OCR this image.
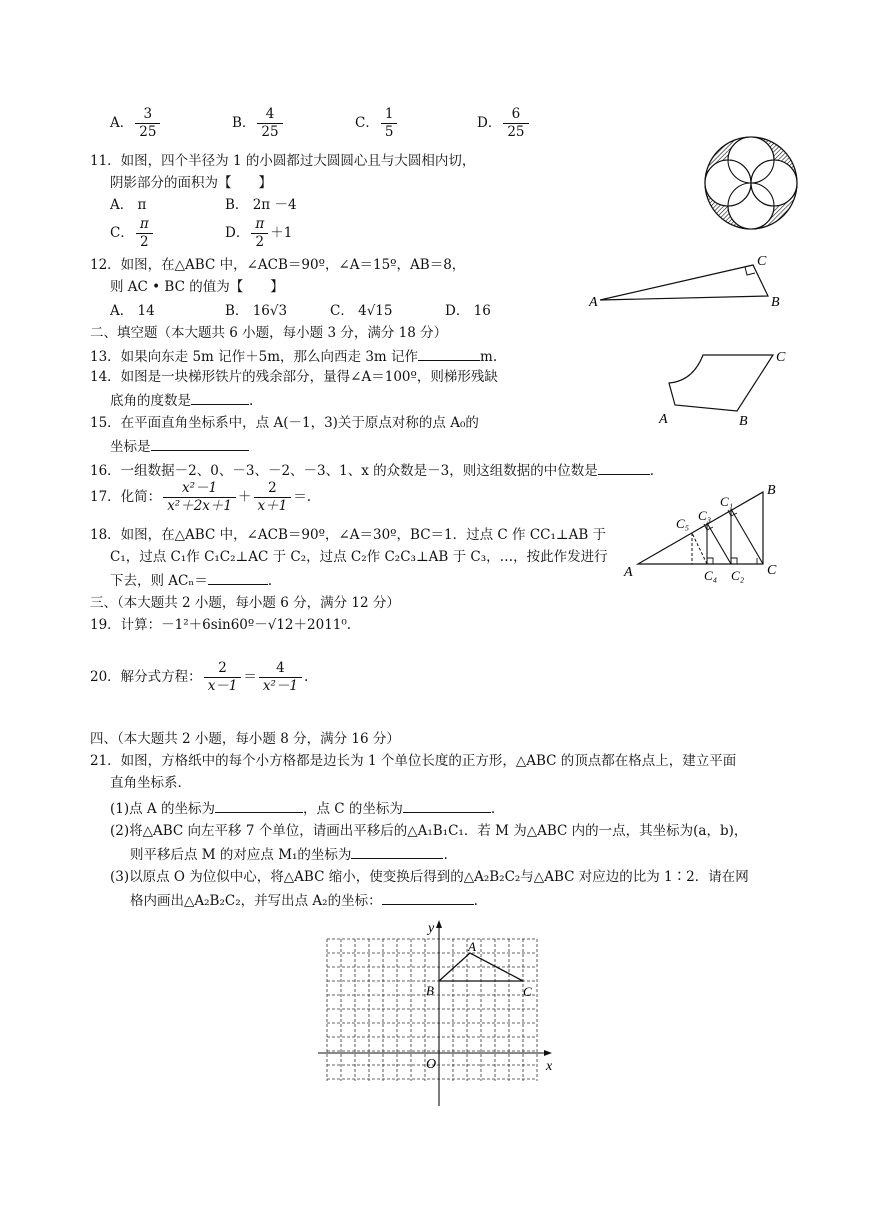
A． $\frac{3}{25}$	B． $\frac{4}{25}$	C． $\frac{1}{5}$	D． $\frac{6}{25}$
11．如图，四个半径为 1 的小圆都过大圆圆心且与大圆相内切，
阴影部分的面积为【　　】
A． π	B． 2π －4
C． $\frac{\pi}{2}$	D． $\frac{\pi}{2} +1$
12．如图，在△ABC 中，∠ACB＝90º，∠A＝15º，AB＝8，
则 AC • BC 的值为【　　】
A． 14	B． 16√3	C． 4√15	D． 16
A
C
B
二、填空题（本大题共 6 小题，每小题 3 分，满分 18 分）
13．如果向东走 5m 记作＋5m，那么向西走 3m 记作	m.
14．如图是一块梯形铁片的残余部分，量得∠A＝100º，则梯形残缺
底角的度数是	.
A	B
C
15．在平面直角坐标系中，点 A(－1，3)关于原点对称的点 A₀的
坐标是
16．一组数据－2、0、－3、－2、－3、1、x 的众数是－3，则这组数据的中位数是	.
17．化简： $\frac{\text{x²－1}}{\text{x²＋2x＋1}} + \frac{2}{x+1}$ ＝.
18．如图，在△ABC 中，∠ACB＝90º，∠A＝30º，BC＝1．过点 C 作 CC₁⊥AB 于
C₁，过点 C₁作 C₁C₂⊥AC 于 C₂，过点 C₂作 C₂C₃⊥AB 于 C₃，…，按此作发进行
下去，则 ACₙ＝	.
A
B
C
C₁
C₂
C₃
C₄
C₅
三、（本大题共 2 小题，每小题 6 分，满分 12 分）
19．计算：－1²＋6sin60º－√12＋2011⁰.
20．解分式方程： $\frac{2}{x-1} = \frac{4}{\text{x²－1}}$ .
四、（本大题共 2 小题，每小题 8 分，满分 16 分）
21．如图，方格纸中的每个小方格都是边长为 1 个单位长度的正方形，△ABC 的顶点都在格点上，建立平面
直角坐标系．
(1)点 A 的坐标为	，点 C 的坐标为	.
(2)将△ABC 向左平移 7 个单位，请画出平移后的△A₁B₁C₁．若 M 为△ABC 内的一点，其坐标为(a，b)，
则平移后点 M 的对应点 M₁的坐标为	.
(3)以原点 O 为位似中心，将△ABC 缩小，使变换后得到的△A₂B₂C₂与△ABC 对应边的比为 1∶2．请在网
格内画出△A₂B₂C₂，并写出点 A₂的坐标：	.
x
y
O
A
B	C
